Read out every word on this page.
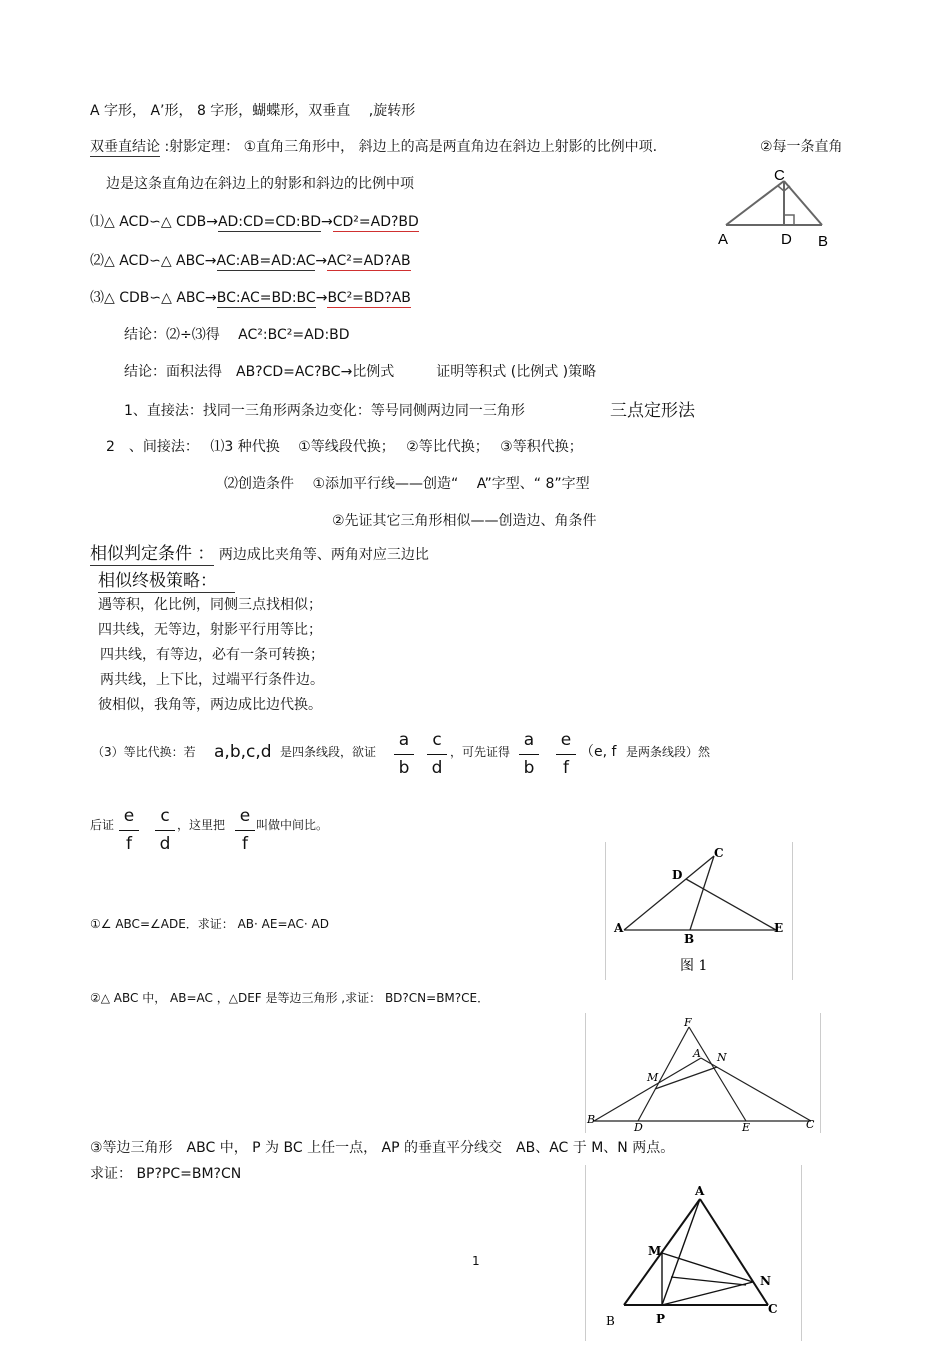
A 字形， A’形， 8 字形，蝴蝶形，双垂直　 ,旋转形
双垂直结论 :射影定理： ①直角三角形中， 斜边上的高是两直角边在斜边上射影的比例中项.	②每一条直角
边是这条直角边在斜边上的射影和斜边的比例中项	C
A	D B
⑴△ ACD∽△ CDB→AD:CD=CD:BD→CD²=AD?BD
⑵△ ACD∽△ ABC→AC:AB=AD:AC→AC²=AD?AB
⑶△ CDB∽△ ABC→BC:AC=BD:BC→BC²=BD?AB
结论：⑵÷⑶得　 AC²:BC²=AD:BD
结论：面积法得　AB?CD=AC?BC→比例式　　　证明等积式 (比例式 )策略
1、直接法：找同一三角形两条边变化：等号同侧两边同一三角形	三点定形法
2　、间接法：　 ⑴3 种代换　 ①等线段代换；　 ②等比代换；　 ③等积代换；
⑵创造条件　 ①添加平行线——创造“　 A”字型、“ 8”字型
②先证其它三角形相似——创造边、角条件
相似判定条件 ： 两边成比夹角等、两角对应三边比
相似终极策略：
遇等积，化比例，同侧三点找相似；
四共线，无等边，射影平行用等比；
四共线，有等边，必有一条可转换；
两共线，上下比，过端平行条件边。
彼相似，我角等，两边成比边代换。
（3）等比代换：若 a,b,c,d 是四条线段，欲证
a
b
c
d
，可先证得
a
b
e
f
（e, f 是两条线段）然
后证 e
f
c
d
，这里把 e
f
叫做中间比。
C
D
A
B
E
图 1
①∠ ABC=∠ADE．求证： AB· AE=AC· AD
②△ ABC 中， AB=AC ，△DEF 是等边三角形 ,求证： BD?CN=BM?CE．
F
A N
M
B
D	E	C
③等边三角形　ABC 中， P 为 BC 上任一点， AP 的垂直平分线交　AB、AC 于 M、N 两点。
求证： BP?PC=BM?CN
A
M
N
B	P
C
1
